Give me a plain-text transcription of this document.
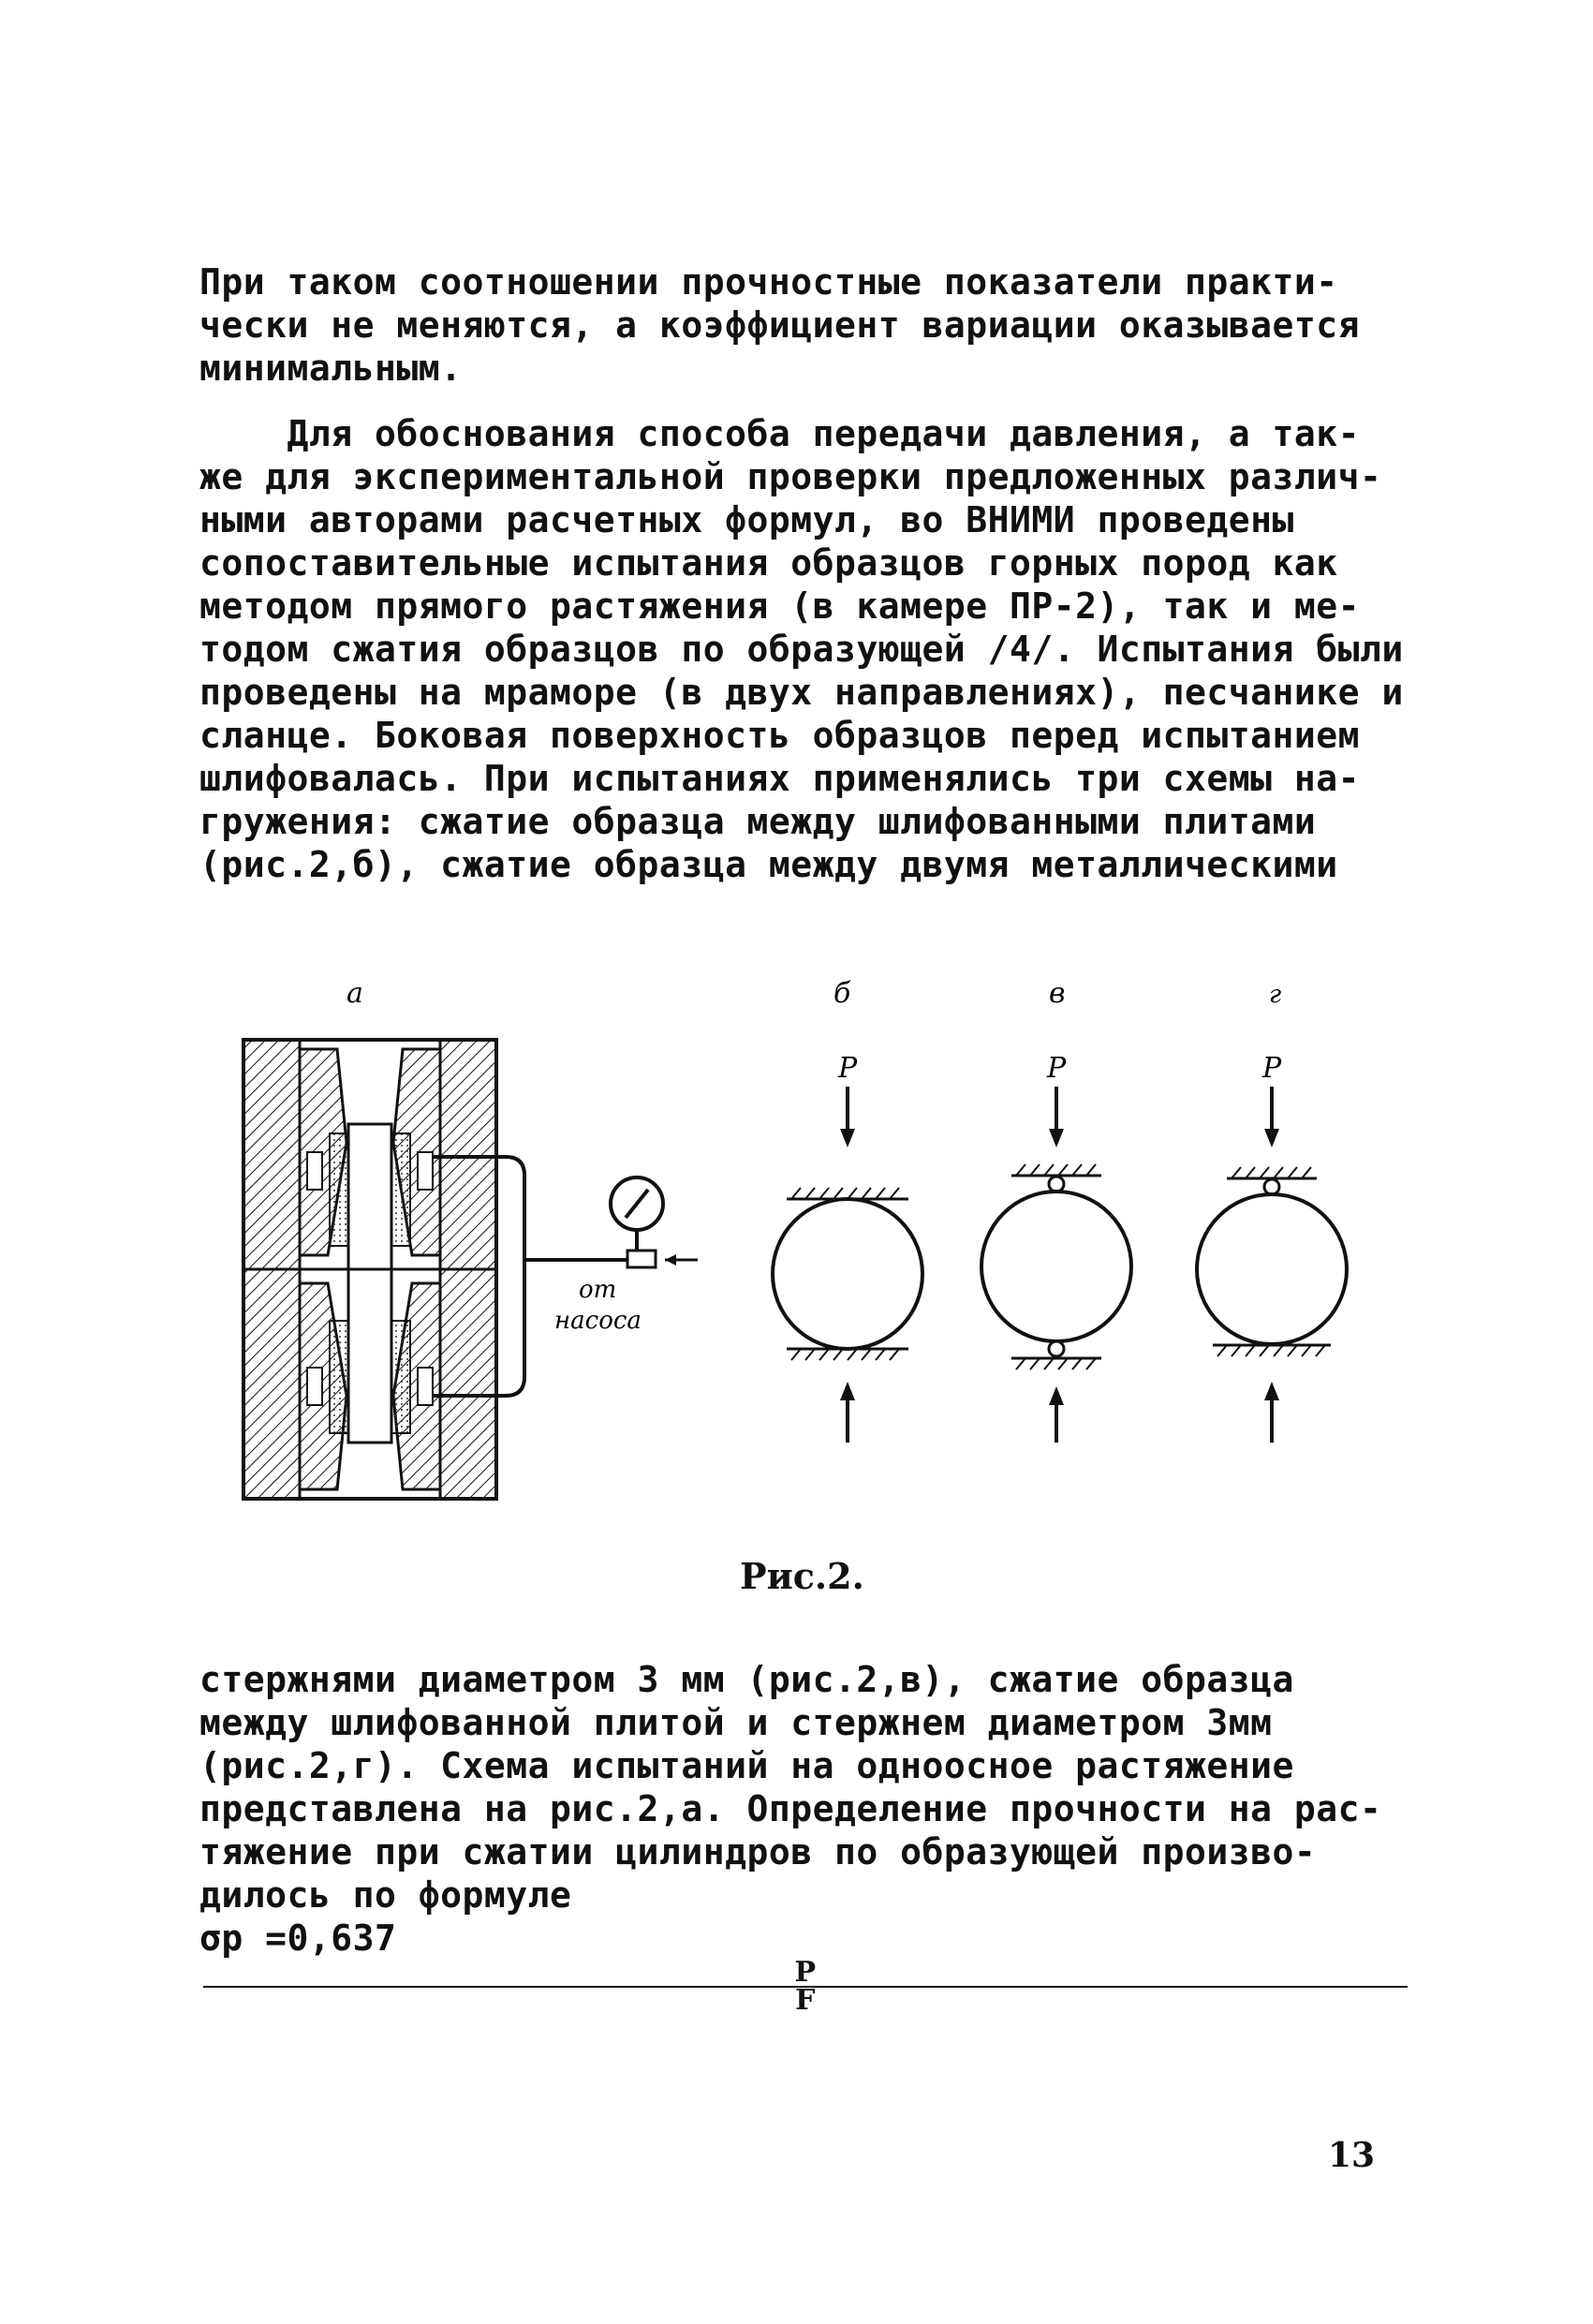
При таком соотношении прочностные показатели практи-
чески не меняются, а коэффициент вариации оказывается
минимальным.
Для обоснования способа передачи давления, а так-
же для экспериментальной проверки предложенных различ-
ными авторами расчетных формул, во ВНИМИ проведены
сопоставительные испытания образцов горных пород как
методом прямого растяжения (в камере ПР-2), так и ме-
тодом сжатия образцов по образующей /4/. Испытания были
проведены на мраморе (в двух направлениях), песчанике и
сланце. Боковая поверхность образцов перед испытанием
шлифовалась. При испытаниях применялись три схемы на-
гружения: сжатие образца между шлифованными плитами
(рис.2,б), сжатие образца между двумя металлическими
а	б	в	г
от
насоса
P	P	P

Рис.2.

стержнями диаметром 3 мм (рис.2,в), сжатие образца
между шлифованной плитой и стержнем диаметром 3мм
(рис.2,г). Схема испытаний на одноосное растяжение
представлена на рис.2,а. Определение прочности на рас-
тяжение при сжатии цилиндров по образующей произво-
дилось по формуле
σр =0,637
P
F

13
